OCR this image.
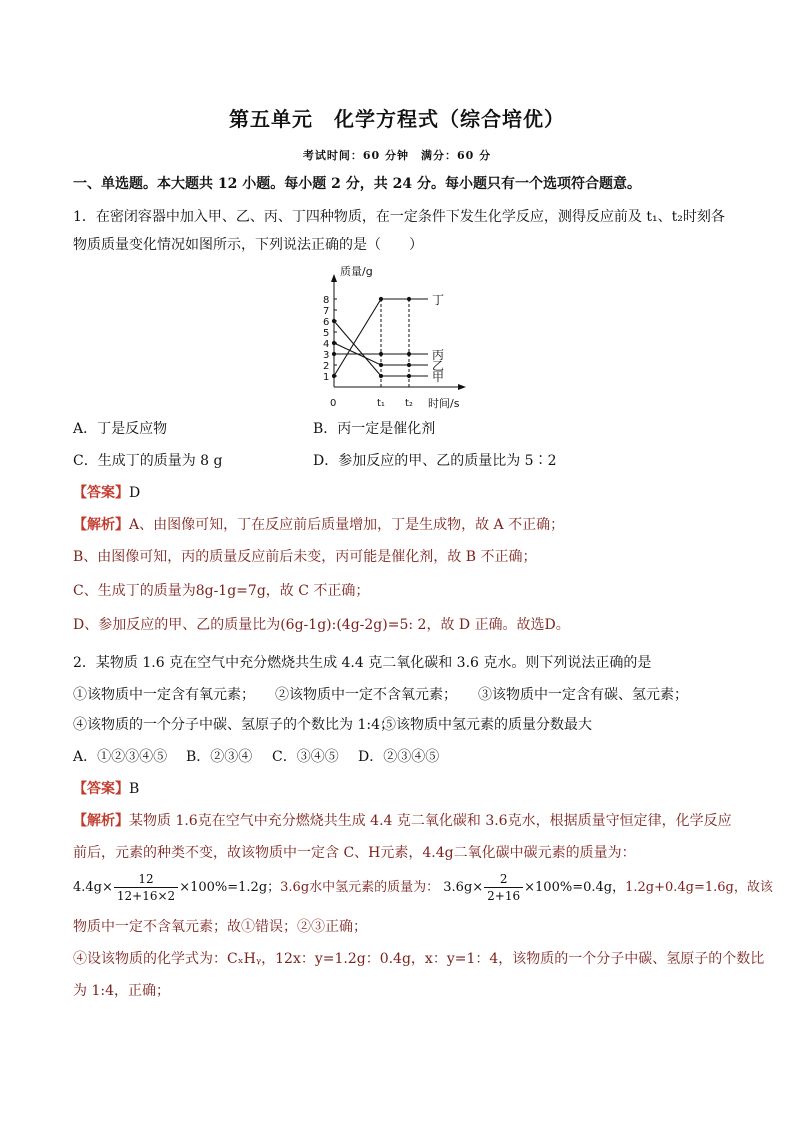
第五单元　化学方程式（综合培优）
考试时间：60 分钟　满分：60 分
一、单选题。本大题共 12 小题。每小题 2 分，共 24 分。每小题只有一个选项符合题意。
1．在密闭容器中加入甲、乙、丙、丁四种物质，在一定条件下发生化学反应，测得反应前及 t₁、t₂时刻各
物质质量变化情况如图所示，下列说法正确的是（　　）
质量/g
时间/s
0
1
2
3
4
5
6
7
8
t₁ t₂
丁
丙
乙
甲
A．丁是反应物	B．丙一定是催化剂
C．生成丁的质量为 8 g	D．参加反应的甲、乙的质量比为 5∶2
【答案】D
【解析】A、由图像可知，丁在反应前后质量增加，丁是生成物，故 A 不正确；
B、由图像可知，丙的质量反应前后未变，丙可能是催化剂，故 B 不正确；
C、生成丁的质量为8g-1g=7g，故 C 不正确；
D、参加反应的甲、乙的质量比为(6g-1g):(4g-2g)=5: 2，故 D 正确。故选D。
2．某物质 1.6 克在空气中充分燃烧共生成 4.4 克二氧化碳和 3.6 克水。则下列说法正确的是
①该物质中一定含有氧元素； ②该物质中一定不含氧元素； ③该物质中一定含有碳、氢元素；
④该物质的一个分子中碳、氢原子的个数比为 1:4；
⑤该物质中氢元素的质量分数最大
A．①②③④⑤ B．②③④ C．③④⑤ D．②③④⑤
【答案】B
【解析】某物质 1.6克在空气中充分燃烧共生成 4.4 克二氧化碳和 3.6克水，根据质量守恒定律，化学反应
前后，元素的种类不变，故该物质中一定含 C、H元素，4.4g二氧化碳中碳元素的质量为：
$4.4g\times \frac{12}{12+16\times 2} \times 100\%=1.2g$；3.6g水中氢元素的质量为： $3.6g\times \frac{2}{2+16} \times 100\%=0.4g$，1.2g+0.4g=1.6g，故该
物质中一定不含氧元素；故①错误；②③正确；
④设该物质的化学式为：CₓHᵧ，12x：y=1.2g：0.4g，x：y=1：4，该物质的一个分子中碳、氢原子的个数比
为 1:4，正确；
